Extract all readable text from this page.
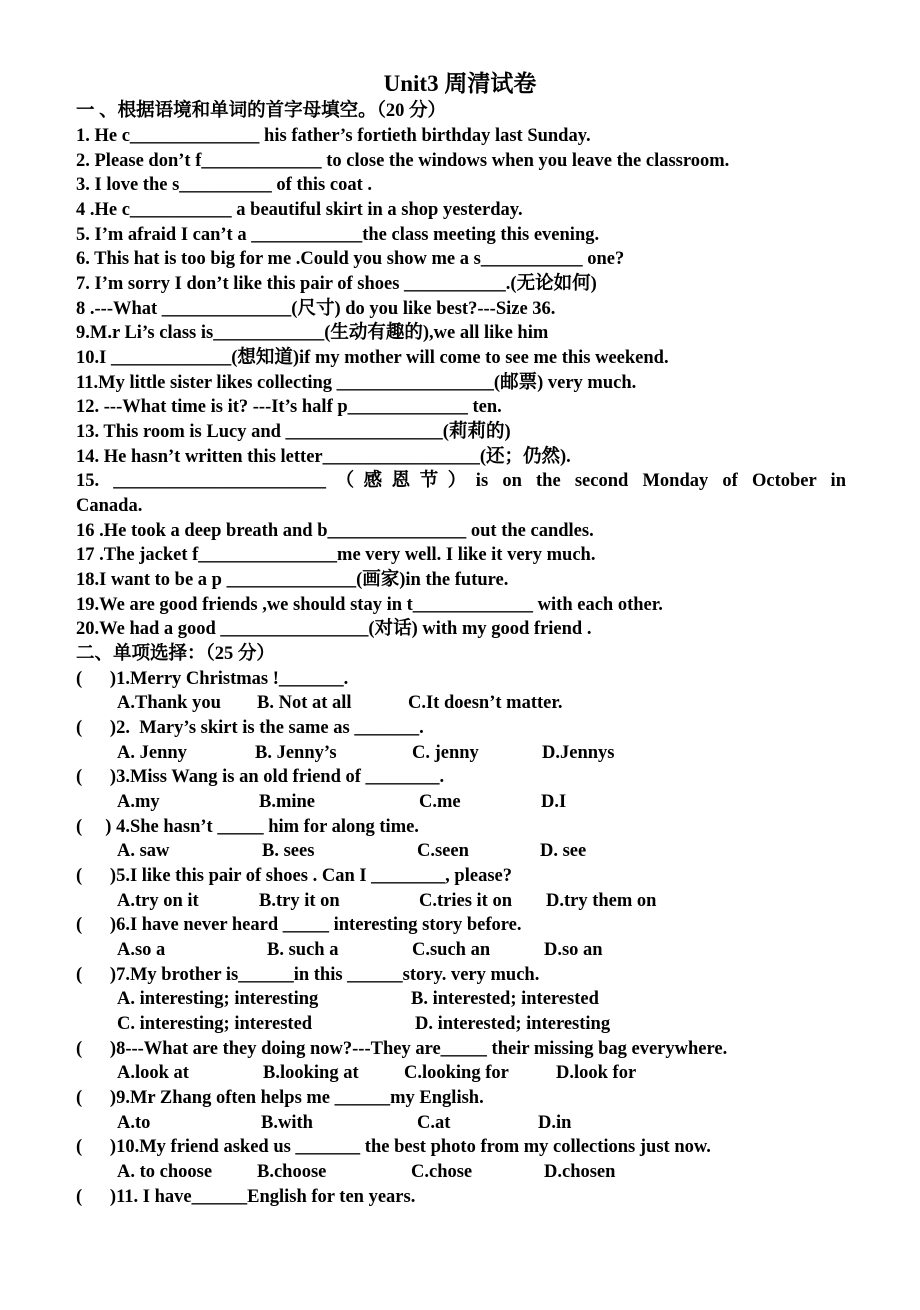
Unit3 周清试卷
一 、根据语境和单词的首字母填空。（20 分）
1. He c______________ his father’s fortieth birthday last Sunday.
2. Please don’t f_____________ to close the windows when you leave the classroom.
3. I love the s__________ of this coat .
4 .He c___________ a beautiful skirt in a shop yesterday.
5. I’m afraid I can’t a ____________the class meeting this evening.
6. This hat is too big for me .Could you show me a s___________ one?
7. I’m sorry I don’t like this pair of shoes ___________.(无论如何)
8 .---What ______________(尺寸) do you like best?---Size 36.
9.M.r Li’s class is____________(生动有趣的),we all like him
10.I _____________(想知道)if my mother will come to see me this weekend.
11.My little sister likes collecting _________________(邮票) very much.
12. ---What time is it? ---It’s half p_____________ ten.
13. This room is Lucy and _________________(莉莉的)
14. He hasn’t written this letter_________________(还；仍然).
15. _______________________（感恩节）is on the second Monday of October in
Canada.
16 .He took a deep breath and b_______________ out the candles.
17 .The jacket f_______________me very well. I like it very much.
18.I want to be a p ______________(画家)in the future.
19.We are good friends ,we should stay in t_____________ with each other.
20.We had a good ________________(对话) with my good friend .
二、单项选择：（25 分）
(      )1.Merry Christmas !_______.

A.Thank you

B. Not at all

	C.It doesn’t matter.

(      )2.  Mary’s skirt is the same as _______.

A. Jenny

	B. Jenny’s

	C. jenny

	D.Jennys

(      )3.Miss Wang is an old friend of ________.

A.my

	B.mine

	C.me

	D.I

(     ) 4.She hasn’t _____ him for along time.

A. saw

	B. sees

	C.seen

	D. see

(      )5.I like this pair of shoes . Can I ________, please?

A.try on it

	B.try it on

	C.tries it on

D.try them on

(      )6.I have never heard _____ interesting story before.

A.so a

	B. such a

	C.such an

	D.so an

(      )7.My brother is______in this ______story. very much.

A. interesting; interesting

	B. interested; interested

C. interesting; interested

	D. interested; interesting

(      )8---What are they doing now?---They are_____ their missing bag everywhere.

A.look at

	B.looking at

C.looking for

	D.look for

(      )9.Mr Zhang often helps me ______my English.

A.to

	B.with

	C.at

	D.in

(      )10.My friend asked us _______ the best photo from my collections just now.

A. to choose

B.choose

	C.chose

	D.chosen

(      )11. I have______English for ten years.
